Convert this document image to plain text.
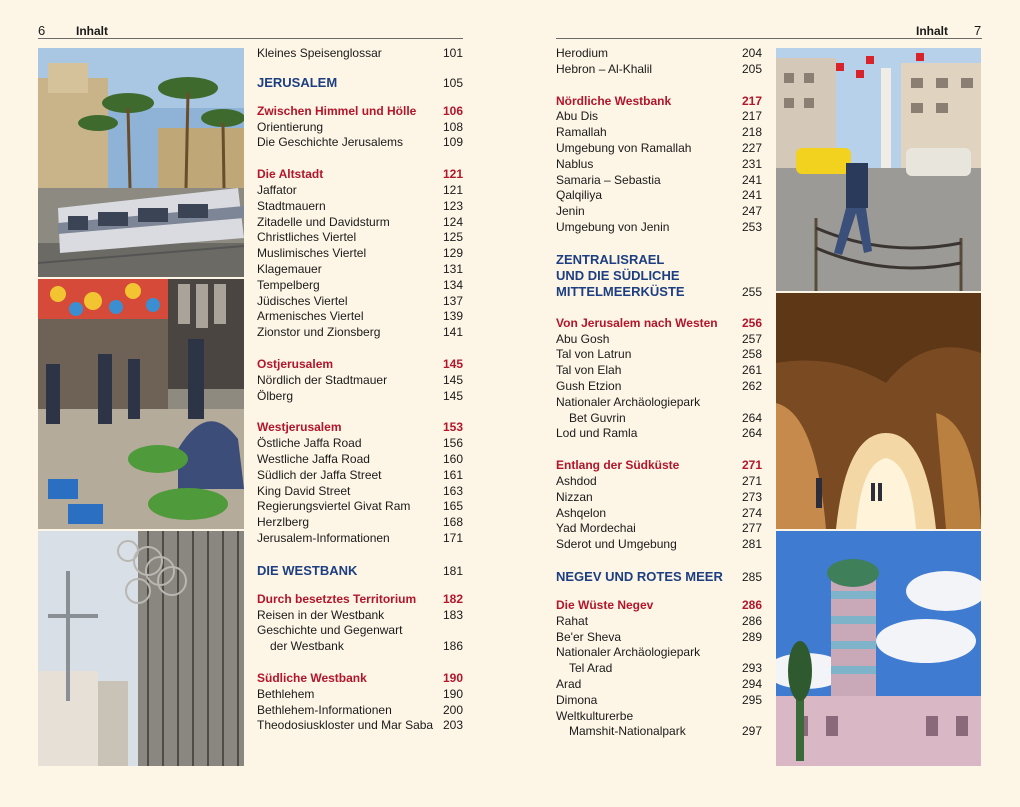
6	Inhalt	Inhalt 7
Kleines Speisenglossar	101
JERUSALEM	105
Zwischen Himmel und Hölle 106
Orientierung	108
Die Geschichte Jerusalems	109
Die Altstadt	121
Jaffator	121
Stadtmauern	123
Zitadelle und Davidsturm	124
Christliches Viertel	125
Muslimisches Viertel	129
Klagemauer	131
Tempelberg	134
Jüdisches Viertel	137
Armenisches Viertel	139
Zionstor und Zionsberg	141
Ostjerusalem	145
Nördlich der Stadtmauer	145
Ölberg	145
Westjerusalem	153
Östliche Jaffa Road	156
Westliche Jaffa Road	160
Südlich der Jaffa Street	161
King David Street	163
Regierungsviertel Givat Ram	165
Herzlberg	168
Jerusalem-Informationen	171
DIE WESTBANK	181
Durch besetztes Territorium 182
Reisen in der Westbank	183
Geschichte und Gegenwart
der Westbank	186
Südliche Westbank	190
Bethlehem	190
Bethlehem-Informationen	200
Theodosiuskloster und Mar Saba 203
Herodium	204
Hebron – Al-Khalil	205
Nördliche Westbank	217
Abu Dis	217
Ramallah	218
Umgebung von Ramallah	227
Nablus	231
Samaria – Sebastia	241
Qalqiliya	241
Jenin	247
Umgebung von Jenin	253
ZENTRALISRAEL
UND DIE SÜDLICHE
MITTELMEERKÜSTE	255
Von Jerusalem nach Westen 256
Abu Gosh	257
Tal von Latrun	258
Tal von Elah	261
Gush Etzion	262
Nationaler Archäologiepark
Bet Guvrin	264
Lod und Ramla	264
Entlang der Südküste	271
Ashdod	271
Nizzan	273
Ashqelon	274
Yad Mordechai	277
Sderot und Umgebung	281
NEGEV UND ROTES MEER 285
Die Wüste Negev	286
Rahat	286
Be'er Sheva	289
Nationaler Archäologiepark
Tel Arad	293
Arad	294
Dimona	295
Weltkulturerbe
Mamshit-Nationalpark	297
